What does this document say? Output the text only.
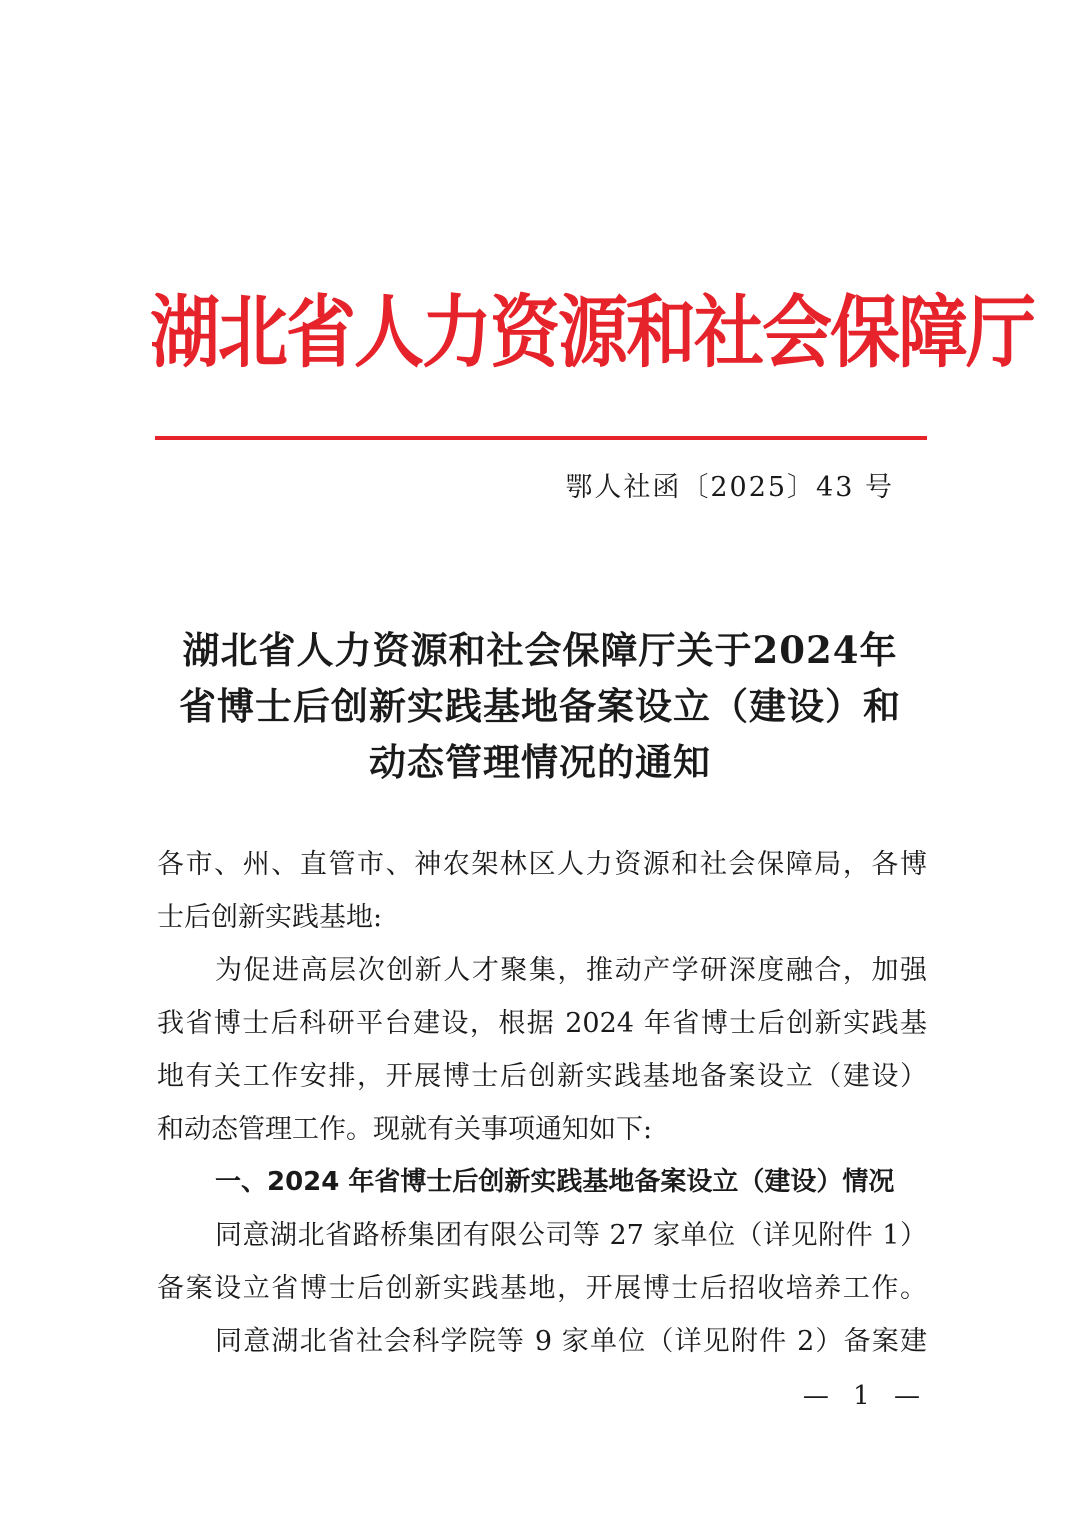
湖北省人力资源和社会保障厅
鄂人社函〔2025〕43 号
湖北省人力资源和社会保障厅关于2024年
省博士后创新实践基地备案设立（建设）和
动态管理情况的通知
各市、州、直管市、神农架林区人力资源和社会保障局，各博
士后创新实践基地:
为促进高层次创新人才聚集，推动产学研深度融合，加强
我省博士后科研平台建设，根据 2024 年省博士后创新实践基
地有关工作安排，开展博士后创新实践基地备案设立（建设）
和动态管理工作。现就有关事项通知如下:
一、2024 年省博士后创新实践基地备案设立（建设）情况
同意湖北省路桥集团有限公司等 27 家单位（详见附件 1）
备案设立省博士后创新实践基地，开展博士后招收培养工作。
同意湖北省社会科学院等 9 家单位（详见附件 2）备案建
— 1 —
